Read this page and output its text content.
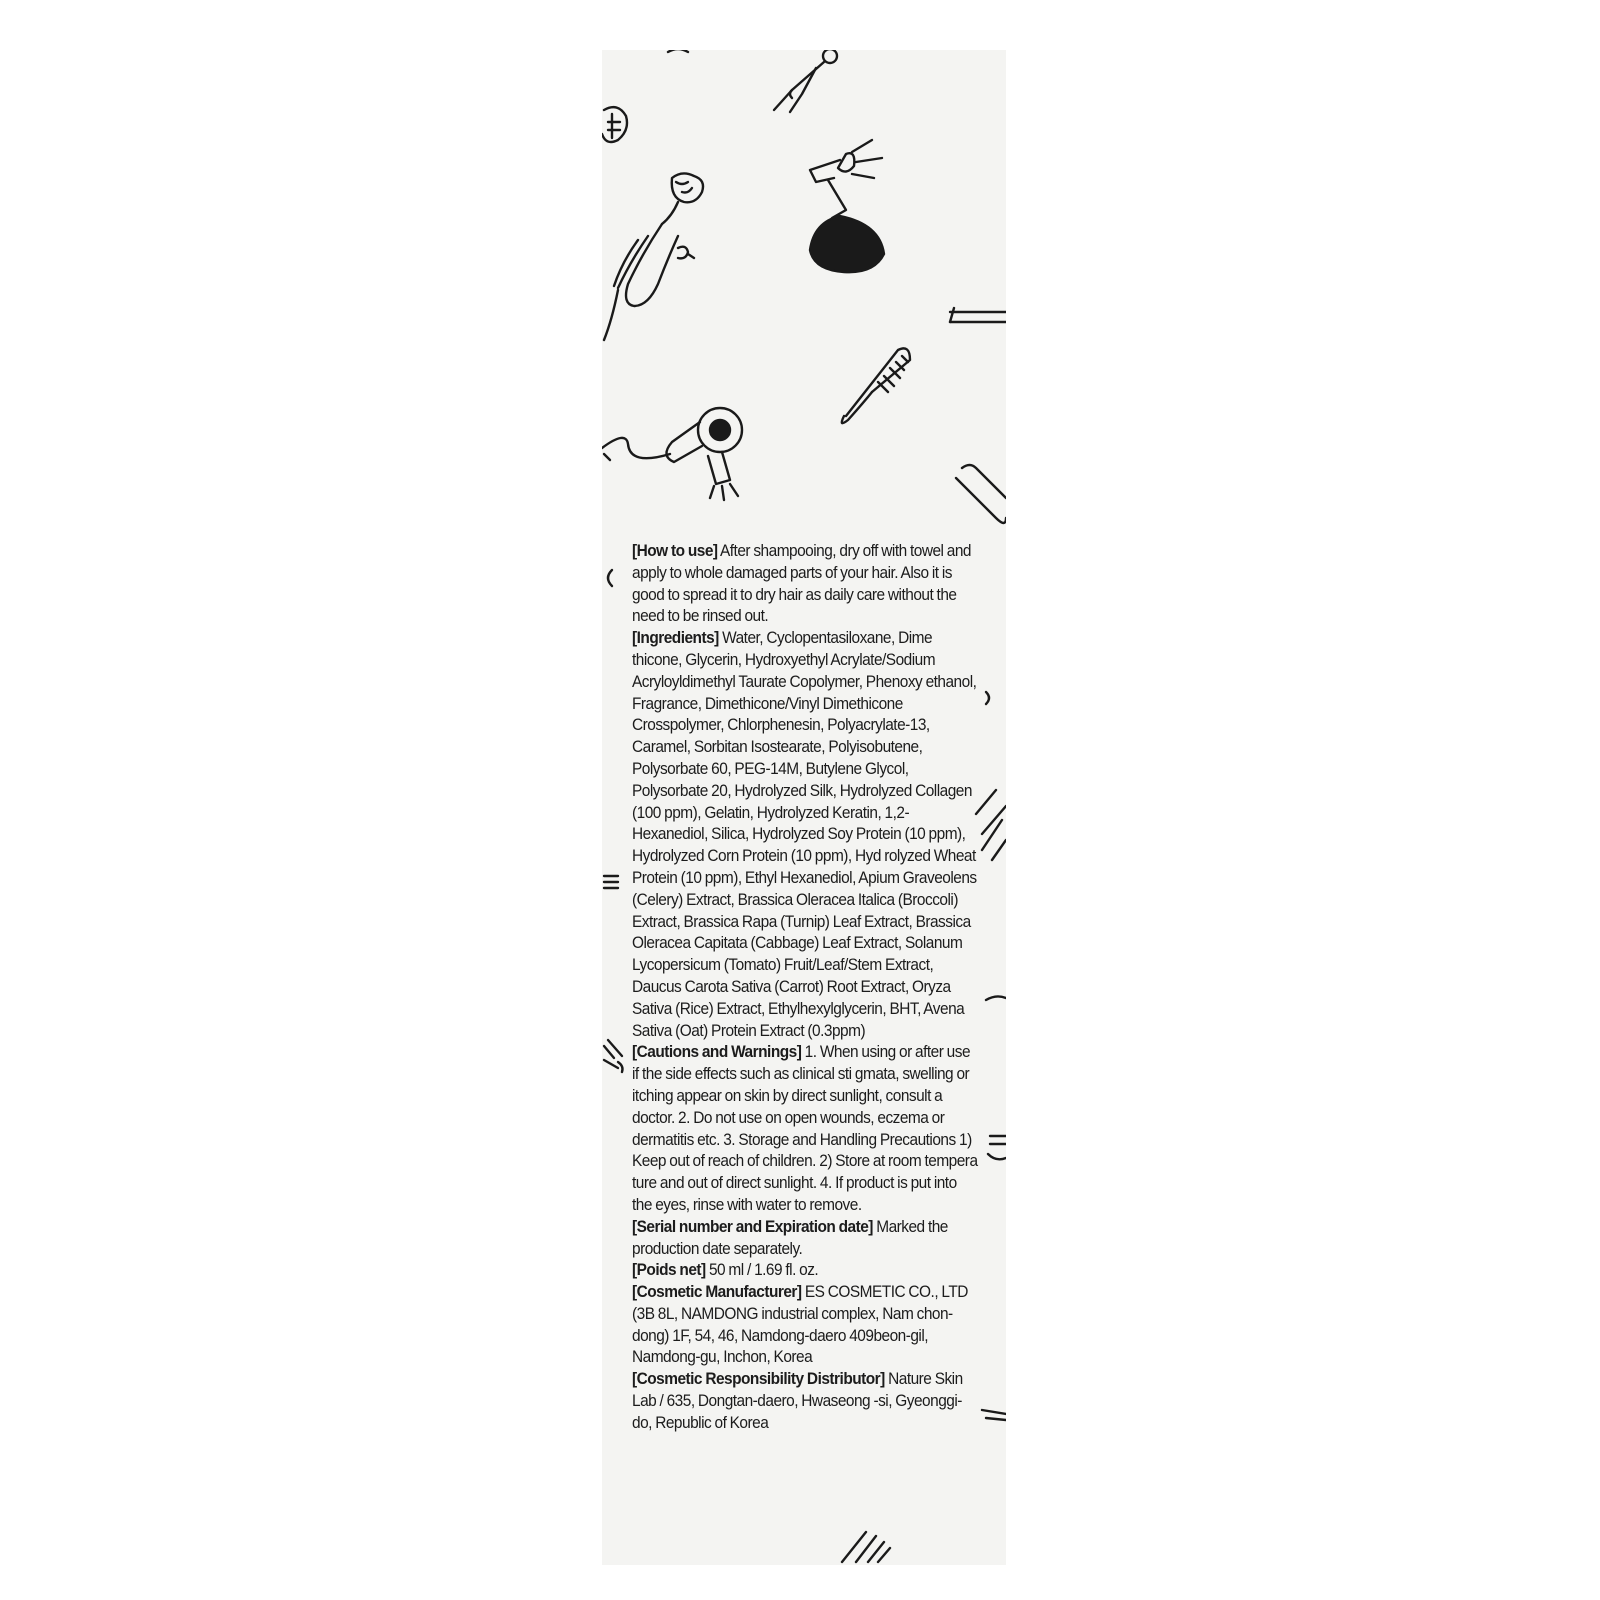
[How to use] After shampooing, dry off with towel and apply to whole damaged parts of your hair. Also it is good to spread it to dry hair as daily care without the need to be rinsed out.
[Ingredients] Water, Cyclopentasiloxane, Dime thicone, Glycerin, Hydroxyethyl Acrylate/Sodium Acryloyldimethyl Taurate Copolymer, Phenoxy ethanol, Fragrance, Dimethicone/Vinyl Dimethicone Crosspolymer, Chlorphenesin, Polyacrylate-13, Caramel, Sorbitan Isostearate, Polyisobutene, Polysorbate 60, PEG-14M, Butylene Glycol, Polysorbate 20, Hydrolyzed Silk, Hydrolyzed Collagen (100 ppm), Gelatin, Hydrolyzed Keratin, 1,2-Hexanediol, Silica, Hydrolyzed Soy Protein (10 ppm), Hydrolyzed Corn Protein (10 ppm), Hyd rolyzed Wheat Protein (10 ppm), Ethyl Hexanediol, Apium Graveolens (Celery) Extract, Brassica Oleracea Italica (Broccoli) Extract, Brassica Rapa (Turnip) Leaf Extract, Brassica Oleracea Capitata (Cabbage) Leaf Extract, Solanum Lycopersicum (Tomato) Fruit/Leaf/Stem Extract, Daucus Carota Sativa (Carrot) Root Extract, Oryza Sativa (Rice) Extract, Ethylhexylglycerin, BHT, Avena Sativa (Oat) Protein Extract (0.3ppm)
[Cautions and Warnings] 1. When using or after use if the side effects such as clinical sti gmata, swelling or itching appear on skin by direct sunlight, consult a doctor. 2. Do not use on open wounds, eczema or dermatitis etc. 3. Storage and Handling Precautions 1) Keep out of reach of children. 2) Store at room tempera ture and out of direct sunlight. 4. If product is put into the eyes, rinse with water to remove.
[Serial number and Expiration date] Marked the production date separately.
[Poids net] 50 ml / 1.69 fl. oz.
[Cosmetic Manufacturer] ES COSMETIC CO., LTD (3B 8L, NAMDONG industrial complex, Nam chon-dong) 1F, 54, 46, Namdong-daero 409beon-gil, Namdong-gu, Inchon, Korea
[Cosmetic Responsibility Distributor] Nature Skin Lab / 635, Dongtan-daero, Hwaseong -si, Gyeonggi-do, Republic of Korea
